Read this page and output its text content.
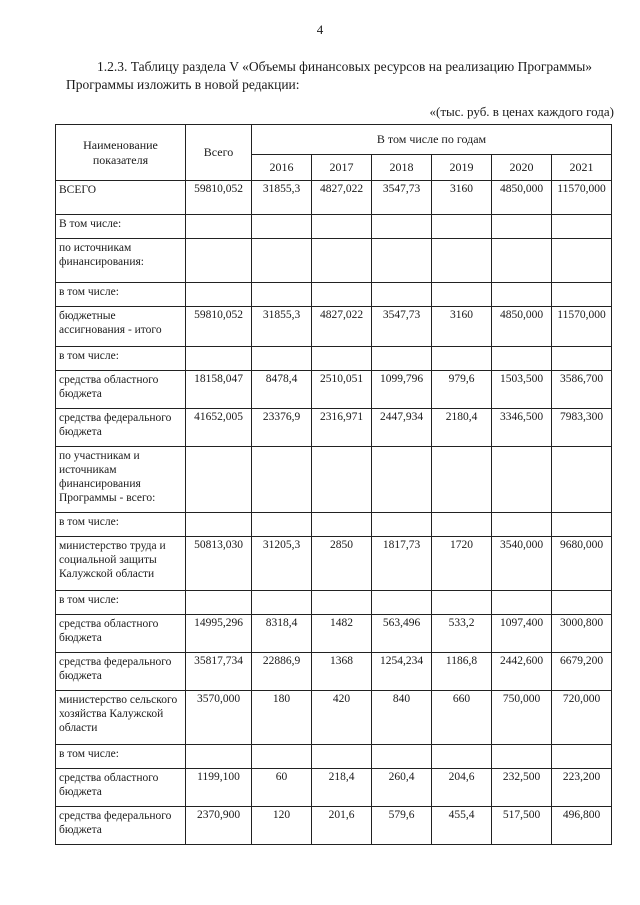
4
1.2.3. Таблицу раздела V «Объемы финансовых ресурсов на реализацию Программы»
Программы изложить в новой редакции:
«(тыс. руб. в ценах каждого года)
Наименование показателя	Всего	В том числе по годам					
		2016	2017	2018	2019	2020	2021
ВСЕГО	59810,052	31855,3	4827,022	3547,73	3160	4850,000	11570,000
В том числе:							
по источникам финансирования:							
в том числе:							
бюджетные ассигнования - итого	59810,052	31855,3	4827,022	3547,73	3160	4850,000	11570,000
в том числе:							
средства областного бюджета	18158,047	8478,4	2510,051	1099,796	979,6	1503,500	3586,700
средства федерального бюджета	41652,005	23376,9	2316,971	2447,934	2180,4	3346,500	7983,300
по участникам и источникам финансирования Программы - всего:							
в том числе:							
министерство труда и социальной защиты Калужской области	50813,030	31205,3	2850	1817,73	1720	3540,000	9680,000
в том числе:							
средства областного бюджета	14995,296	8318,4	1482	563,496	533,2	1097,400	3000,800
средства федерального бюджета	35817,734	22886,9	1368	1254,234	1186,8	2442,600	6679,200
министерство сельского хозяйства Калужской области	3570,000	180	420	840	660	750,000	720,000
в том числе:							
средства областного бюджета	1199,100	60	218,4	260,4	204,6	232,500	223,200
средства федерального бюджета	2370,900	120	201,6	579,6	455,4	517,500	496,800
